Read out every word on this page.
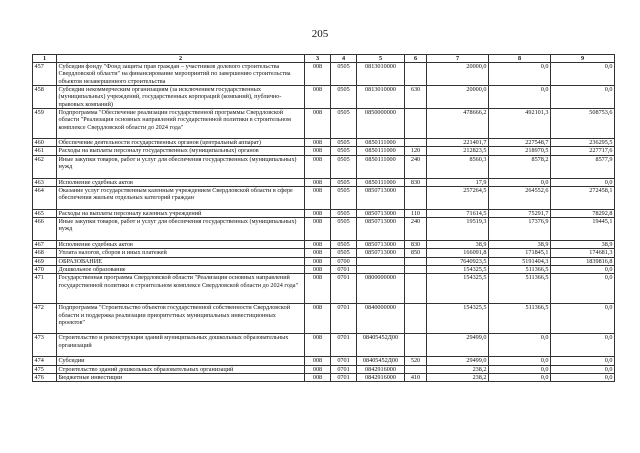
205
1	2	3	4	5	6	7	8	9
457	Субсидия фонду "Фонд защиты прав граждан – участников долевого строительства Свердловской области" на финансирование мероприятий по завершению строительства объектов незавершенного строительства	008	0505	0813010000		20000,0	0,0	0,0
458	Субсидии некоммерческим организациям (за исключением государственных (муниципальных) учреждений, государственных корпораций (компаний), публично-правовых компаний)	008	0505	0813010000	630	20000,0	0,0	0,0
459	Подпрограмма "Обеспечение реализации государственной программы Свердловской области "Реализация основных направлений государственной политики в строительном комплексе Свердловской области до 2024 года"	008	0505	0850000000		478666,2	492101,3	508753,6
460	Обеспечение деятельности государственных органов (центральный аппарат)	008	0505	0850111000		221401,7	227548,7	236295,5
461	Расходы на выплаты персоналу государственных (муниципальных) органов	008	0505	0850111000	120	212823,5	218970,5	227717,6
462	Иные закупки товаров, работ и услуг для обеспечения государственных (муниципальных) нужд	008	0505	0850111000	240	8560,3	8578,2	8577,9
463	Исполнение судебных актов	008	0505	0850111000	830	17,9	0,0	0,0
464	Оказание услуг государственным казенным учреждением Свердловской области в сфере обеспечения жильем отдельных категорий граждан	008	0505	0850713000		257264,5	264552,6	272458,1
465	Расходы на выплаты персоналу казенных учреждений	008	0505	0850713000	110	71614,5	75291,7	78292,8
466	Иные закупки товаров, работ и услуг для обеспечения государственных (муниципальных) нужд	008	0505	0850713000	240	19519,3	17376,9	19445,1
467	Исполнение судебных актов	008	0505	0850713000	830	38,9	38,9	38,9
468	Уплата налогов, сборов и иных платежей	008	0505	0850713000	850	166091,8	171845,1	174681,3
469	ОБРАЗОВАНИЕ	008	0700			7640923,5	5191404,3	1839816,8
470	Дошкольное образование	008	0701			154325,5	511366,5	0,0
471	Государственная программа Свердловской области "Реализация основных направлений государственной политики в строительном комплексе Свердловской области до 2024 года"	008	0701	0800000000		154325,5	511366,5	0,0
472	Подпрограмма "Строительство объектов государственной собственности Свердловской области и поддержка реализации приоритетных муниципальных инвестиционных проектов"	008	0701	0840000000		154325,5	511366,5	0,0
473	Строительство и реконструкция зданий муниципальных дошкольных образовательных организаций	008	0701	08405452Д00		29499,0	0,0	0,0
474	Субсидии	008	0701	08405452Д00	520	29499,0	0,0	0,0
475	Строительство зданий дошкольных образовательных организаций	008	0701	0842916000		238,2	0,0	0,0
476	Бюджетные инвестиции	008	0701	0842916000	410	238,2	0,0	0,0
